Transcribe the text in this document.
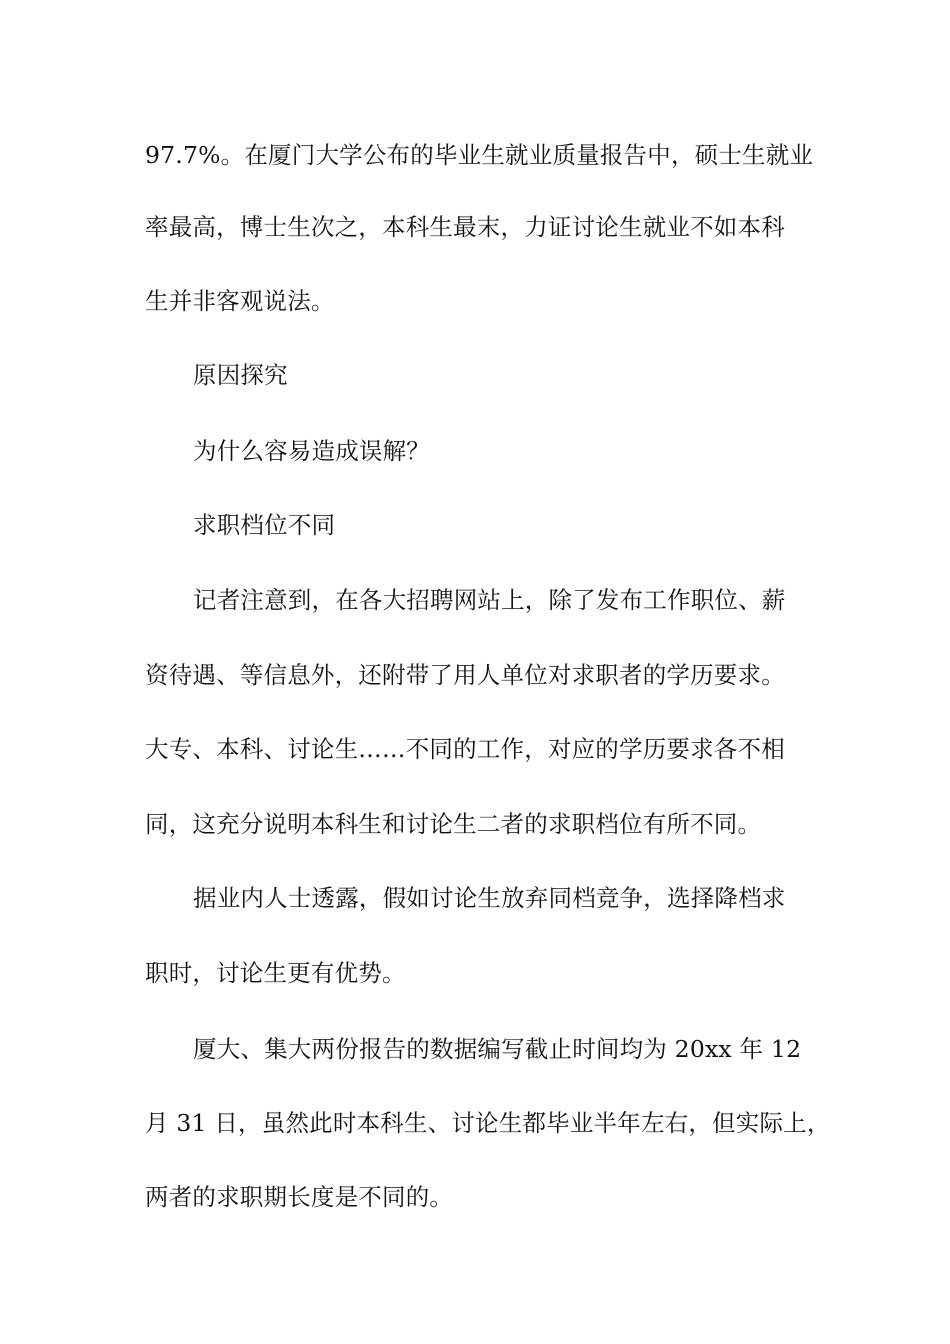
97.7%。在厦门大学公布的毕业生就业质量报告中，硕士生就业
率最高，博士生次之，本科生最末，力证讨论生就业不如本科
生并非客观说法。
原因探究
为什么容易造成误解？
求职档位不同
记者注意到，在各大招聘网站上，除了发布工作职位、薪
资待遇、等信息外，还附带了用人单位对求职者的学历要求。
大专、本科、讨论生……不同的工作，对应的学历要求各不相
同，这充分说明本科生和讨论生二者的求职档位有所不同。
据业内人士透露，假如讨论生放弃同档竞争，选择降档求
职时，讨论生更有优势。
厦大、集大两份报告的数据编写截止时间均为 20xx 年 12
月 31 日，虽然此时本科生、讨论生都毕业半年左右，但实际上，
两者的求职期长度是不同的。
